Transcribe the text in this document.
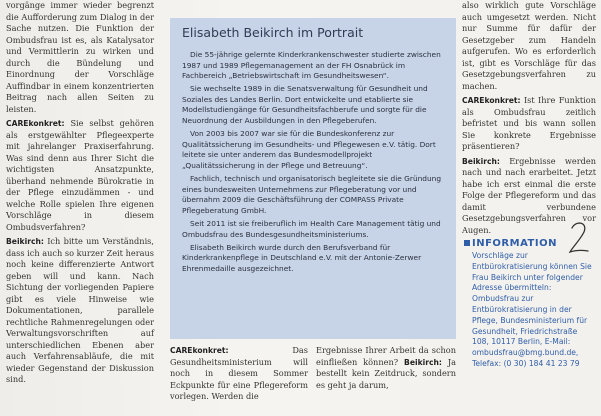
vorgänge immer wieder begrenzt die Aufforderung zum Dialog in der Sache nutzen. Die Funktion der Ombudsfrau ist es, als Katalysator und Vermittlerin zu wirken und durch die Bündelung und Einordnung der Vorschläge Auffindbar in einem konzentrierten Beitrag nach allen Seiten zu leisten.

CAREkonkret: Sie selbst gehören als erstgewählter Pflegeexperte mit jahrelanger Praxiserfahrung. Was sind denn aus Ihrer Sicht die wichtigsten Ansatzpunkte, überhand nehmende Bürokratie in der Pflege einzudämmen - und welche Rolle spielen Ihre eigenen Vorschläge in diesem Ombudsverfahren?

Beikirch: Ich bitte um Verständnis, dass ich auch so kurzer Zeit heraus noch keine differenzierte Antwort geben will und kann. Nach Sichtung der vorliegenden Papiere gibt es viele Hinweise wie Dokumentationen, parallele rechtliche Rahmenregelungen oder Verwaltungsvorschriften auf unterschiedlichen Ebenen aber auch Verfahrensabläufe, die mit wieder Gegenstand der Diskussion sind.

Elisabeth Beikirch im Portrait

Die 55-jährige gelernte Kinderkrankenschwester studierte zwischen 1987 und 1989 Pflegemanagement an der FH Osnabrück im Fachbereich „Betriebswirtschaft im Gesundheitswesen“.

Sie wechselte 1989 in die Senatsverwaltung für Gesundheit und Soziales des Landes Berlin. Dort entwickelte und etablierte sie Modellstudiengänge für Gesundheitsfachberufe und sorgte für die Neuordnung der Ausbildungen in den Pflegeberufen.

Von 2003 bis 2007 war sie für die Bundeskonferenz zur Qualitätssicherung im Gesundheits- und Pflegewesen e.V. tätig. Dort leitete sie unter anderem das Bundesmodellprojekt „Qualitätssicherung in der Pflege und Betreuung“.

Fachlich, technisch und organisatorisch begleitete sie die Gründung eines bundesweiten Unternehmens zur Pflegeberatung vor und übernahm 2009 die Geschäftsführung der COMPASS Private Pflegeberatung GmbH.

Seit 2011 ist sie freiberuflich im Health Care Management tätig und Ombudsfrau des Bundesgesundheitsministeriums.

Elisabeth Beikirch wurde durch den Berufsverband für Kinderkrankenpflege in Deutschland e.V. mit der Antonie-Zerwer Ehrenmedaille ausgezeichnet.

CAREkonkret:	Das Gesundheitsministerium will noch in diesem Sommer Eckpunkte für eine Pflegereform vorlegen. Werden die
Ergebnisse Ihrer Arbeit da schon einfließen können? Beikirch: Ja bestellt kein Zeitdruck, sondern es geht ja darum,

also wirklich gute Vorschläge auch umgesetzt werden. Nicht nur Summe für dafür der Gesetzgeber zum Handeln aufgerufen. Wo es erforderlich ist, gibt es Vorschläge für das Gesetzgebungsverfahren zu machen.

CAREkonkret: Ist Ihre Funktion als Ombudsfrau zeitlich befristet und bis wann sollen Sie konkrete Ergebnisse präsentieren?

Beikirch: Ergebnisse werden nach und nach erarbeitet. Jetzt habe ich erst einmal die erste Folge der Pflegereform und das damit verbundene Gesetzgebungsverfahren vor Augen.

INFORMATION
Vorschläge zur Entbürokratisierung können Sie Frau Beikirch unter folgender Adresse übermitteln: Ombudsfrau zur Entbürokratisierung in der Pflege, Bundesministerium für Gesundheit, Friedrichstraße 108, 10117 Berlin, E-Mail: ombudsfrau@bmg.bund.de, Telefax: (0 30) 184 41 23 79
